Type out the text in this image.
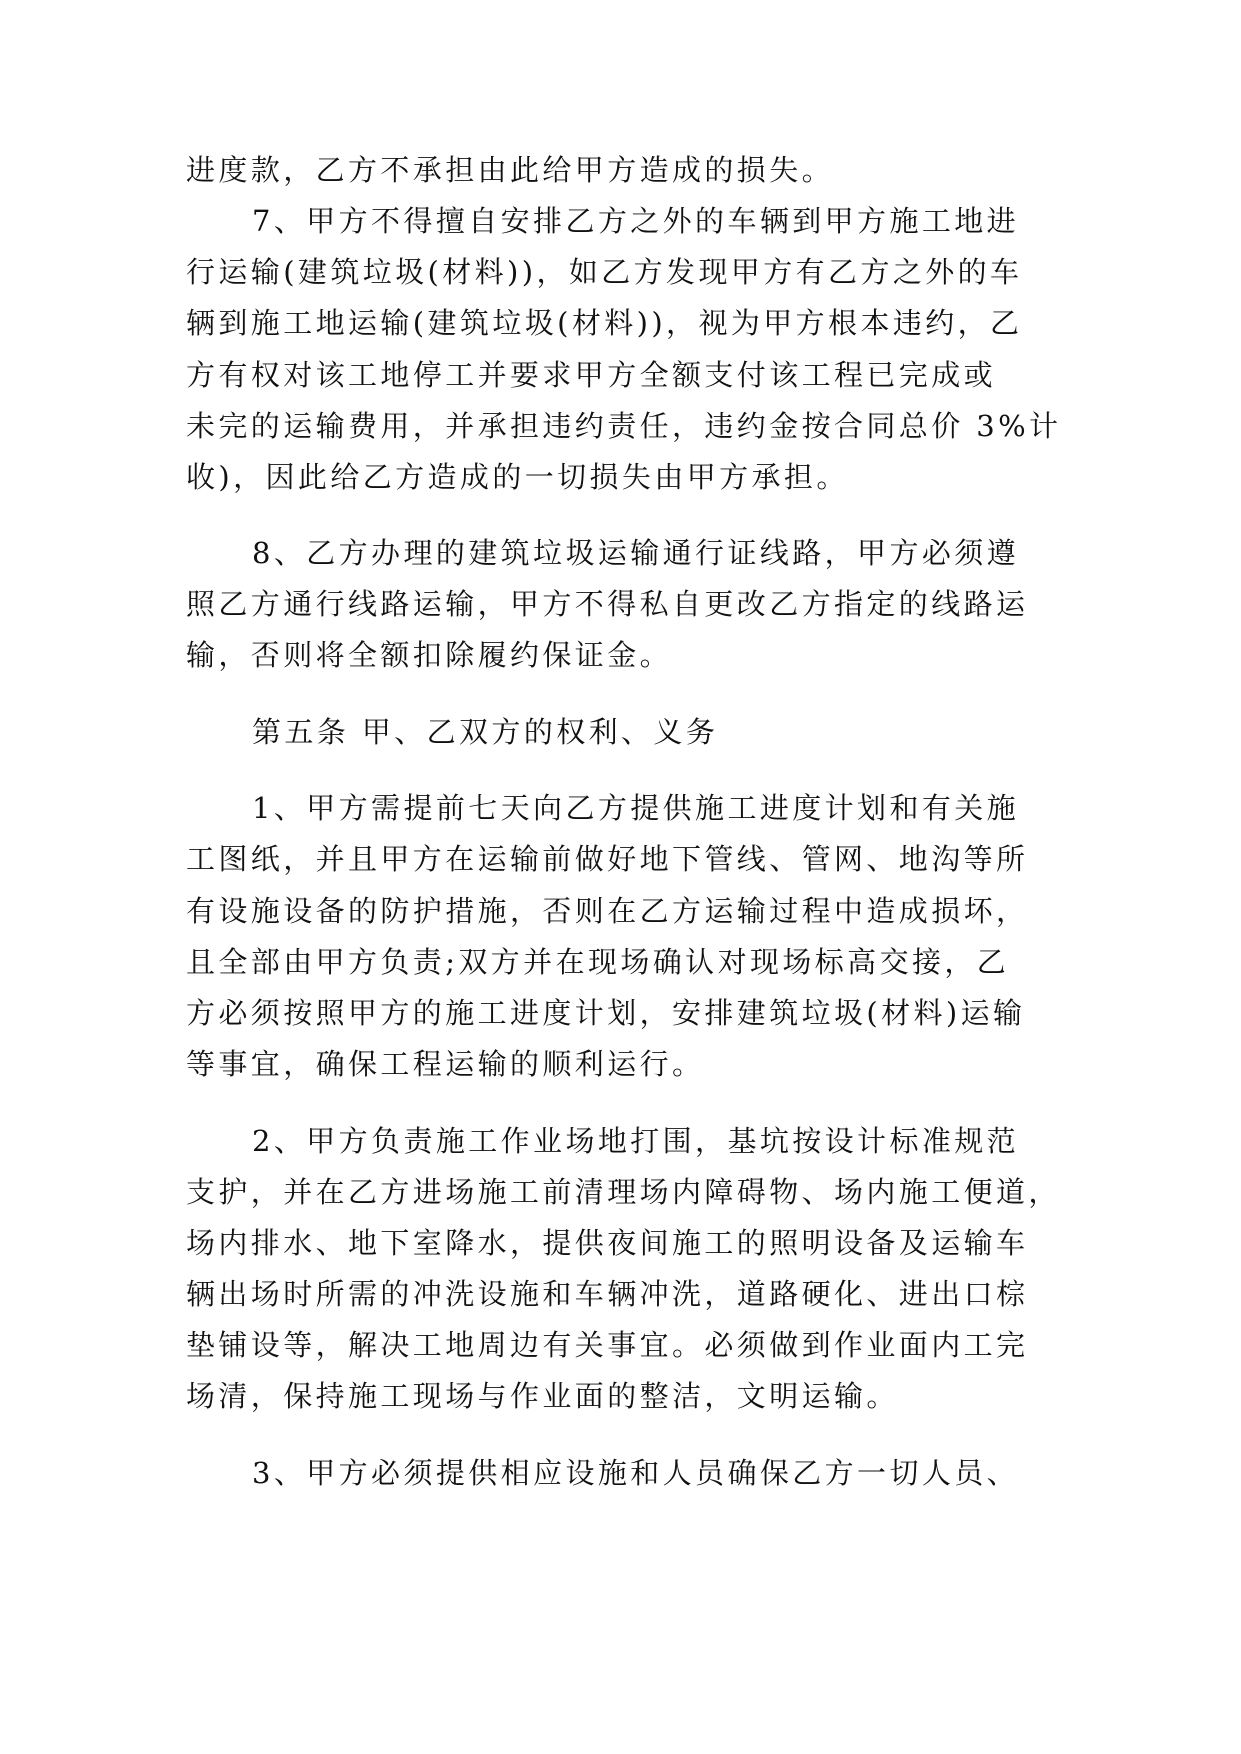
进度款，乙方不承担由此给甲方造成的损失。
7、甲方不得擅自安排乙方之外的车辆到甲方施工地进
行运输(建筑垃圾(材料))，如乙方发现甲方有乙方之外的车
辆到施工地运输(建筑垃圾(材料))，视为甲方根本违约，乙
方有权对该工地停工并要求甲方全额支付该工程已完成或
未完的运输费用，并承担违约责任，违约金按合同总价 3%计
收)，因此给乙方造成的一切损失由甲方承担。
8、乙方办理的建筑垃圾运输通行证线路，甲方必须遵
照乙方通行线路运输，甲方不得私自更改乙方指定的线路运
输，否则将全额扣除履约保证金。
第五条 甲、乙双方的权利、义务
1、甲方需提前七天向乙方提供施工进度计划和有关施
工图纸，并且甲方在运输前做好地下管线、管网、地沟等所
有设施设备的防护措施，否则在乙方运输过程中造成损坏，
且全部由甲方负责;双方并在现场确认对现场标高交接，乙
方必须按照甲方的施工进度计划，安排建筑垃圾(材料)运输
等事宜，确保工程运输的顺利运行。
2、甲方负责施工作业场地打围，基坑按设计标准规范
支护，并在乙方进场施工前清理场内障碍物、场内施工便道，
场内排水、地下室降水，提供夜间施工的照明设备及运输车
辆出场时所需的冲洗设施和车辆冲洗，道路硬化、进出口棕
垫铺设等，解决工地周边有关事宜。必须做到作业面内工完
场清，保持施工现场与作业面的整洁，文明运输。
3、甲方必须提供相应设施和人员确保乙方一切人员、
